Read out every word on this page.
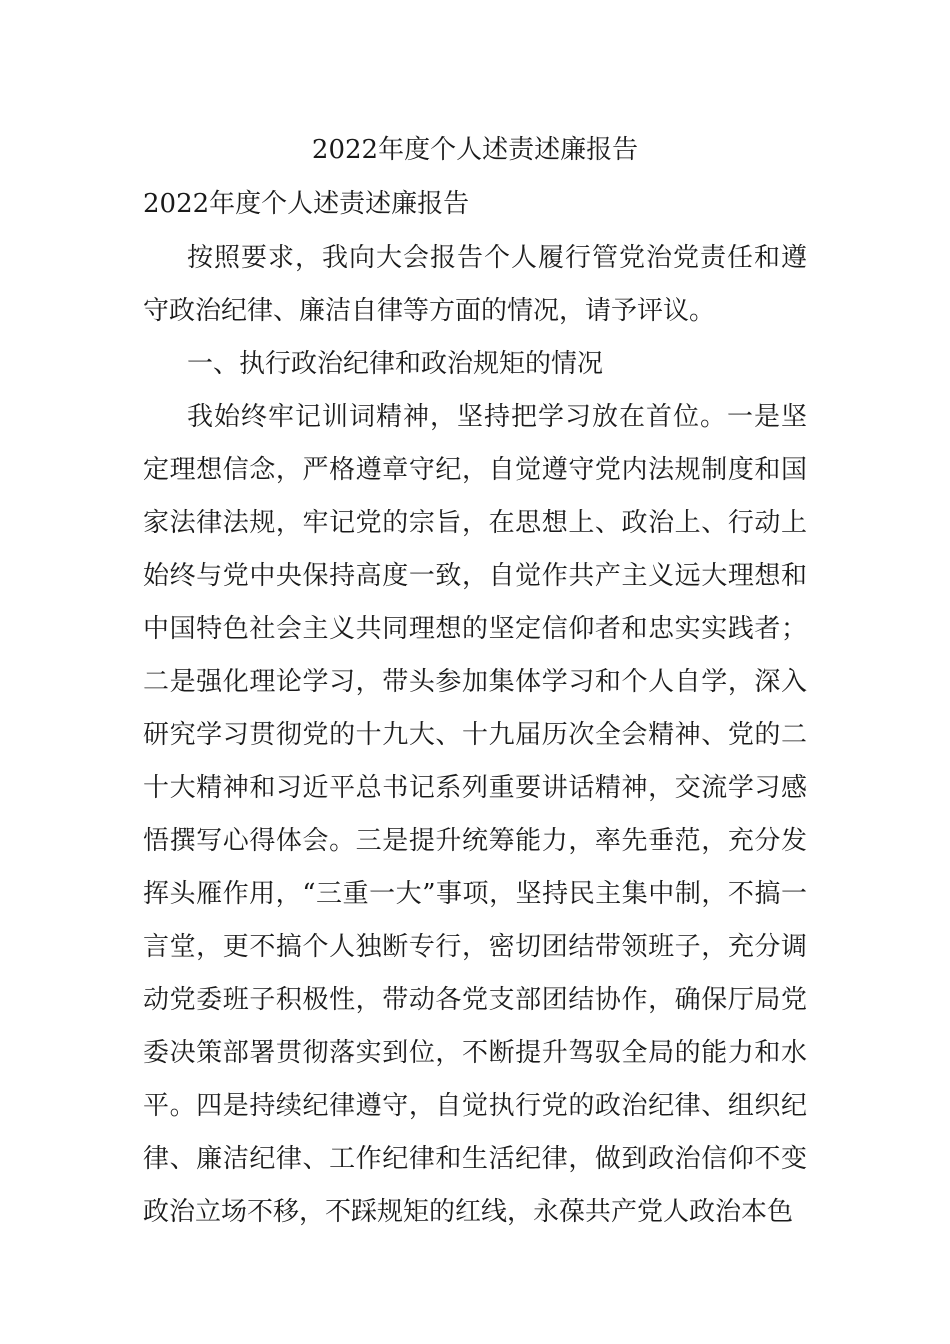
2022年度个人述责述廉报告

2022年度个人述责述廉报告

按照要求，我向大会报告个人履行管党治党责任和遵守政治纪律、廉洁自律等方面的情况，请予评议。

一、执行政治纪律和政治规矩的情况

我始终牢记训词精神，坚持把学习放在首位。一是坚定理想信念，严格遵章守纪，自觉遵守党内法规制度和国家法律法规，牢记党的宗旨，在思想上、政治上、行动上始终与党中央保持高度一致，自觉作共产主义远大理想和中国特色社会主义共同理想的坚定信仰者和忠实实践者；二是强化理论学习，带头参加集体学习和个人自学，深入研究学习贯彻党的十九大、十九届历次全会精神、党的二十大精神和习近平总书记系列重要讲话精神，交流学习感悟撰写心得体会。三是提升统筹能力，率先垂范，充分发挥头雁作用，“三重一大”事项，坚持民主集中制，不搞一言堂，更不搞个人独断专行，密切团结带领班子，充分调动党委班子积极性，带动各党支部团结协作，确保厅局党委决策部署贯彻落实到位，不断提升驾驭全局的能力和水平。四是持续纪律遵守，自觉执行党的政治纪律、组织纪律、廉洁纪律、工作纪律和生活纪律，做到政治信仰不变政治立场不移，不踩规矩的红线，永葆共产党人政治本色
